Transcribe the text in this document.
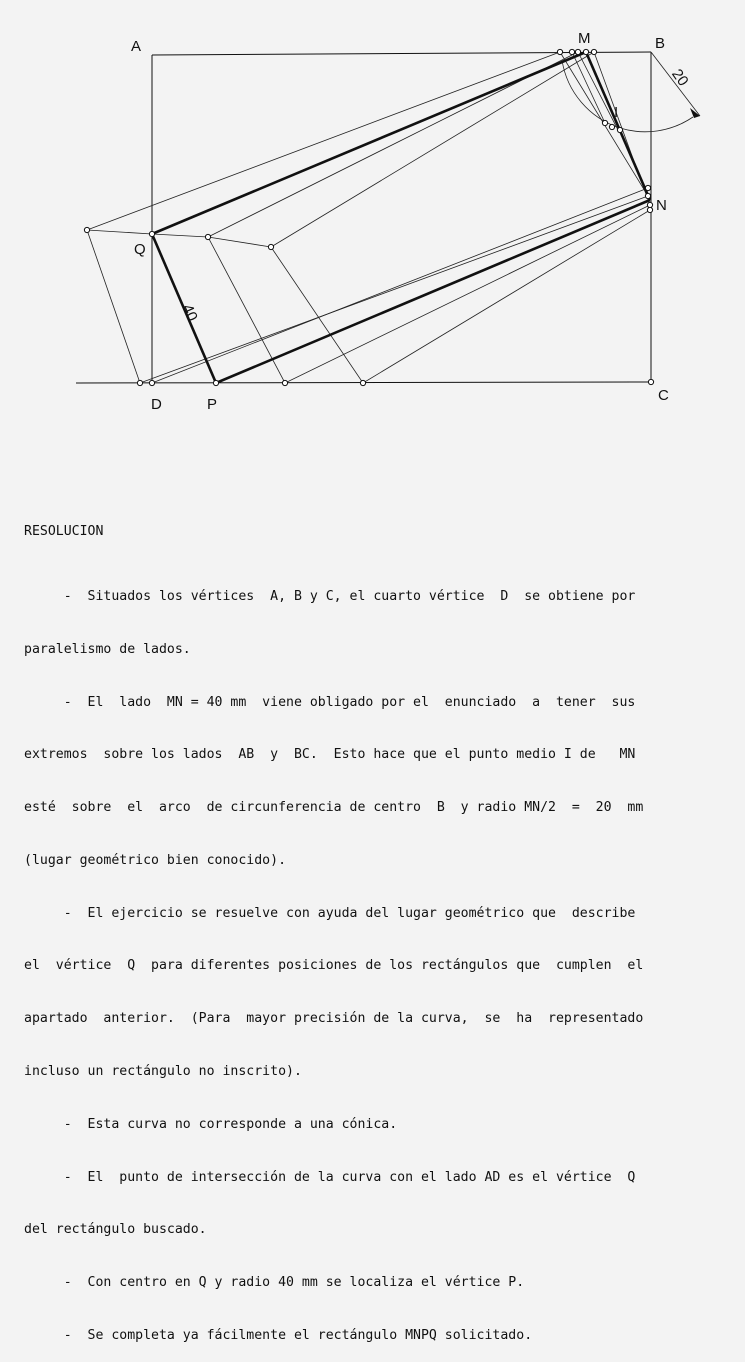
A	B
C
D
M
N
P
Q
I
20
40

RESOLUCION

-  Situados los vértices  A, B y C, el cuarto vértice  D  se obtiene por

paralelismo de lados.

-  El  lado  MN = 40 mm  viene obligado por el  enunciado  a  tener  sus

extremos  sobre los lados  AB  y  BC.  Esto hace que el punto medio I de   MN

esté  sobre  el  arco  de circunferencia de centro  B  y radio MN/2  =  20  mm

(lugar geométrico bien conocido).

-  El ejercicio se resuelve con ayuda del lugar geométrico que  describe

el  vértice  Q  para diferentes posiciones de los rectángulos que  cumplen  el

apartado  anterior.  (Para  mayor precisión de la curva,  se  ha  representado

incluso un rectángulo no inscrito).

-  Esta curva no corresponde a una cónica.

-  El  punto de intersección de la curva con el lado AD es el vértice  Q

del rectángulo buscado.

-  Con centro en Q y radio 40 mm se localiza el vértice P.

-  Se completa ya fácilmente el rectángulo MNPQ solicitado.
